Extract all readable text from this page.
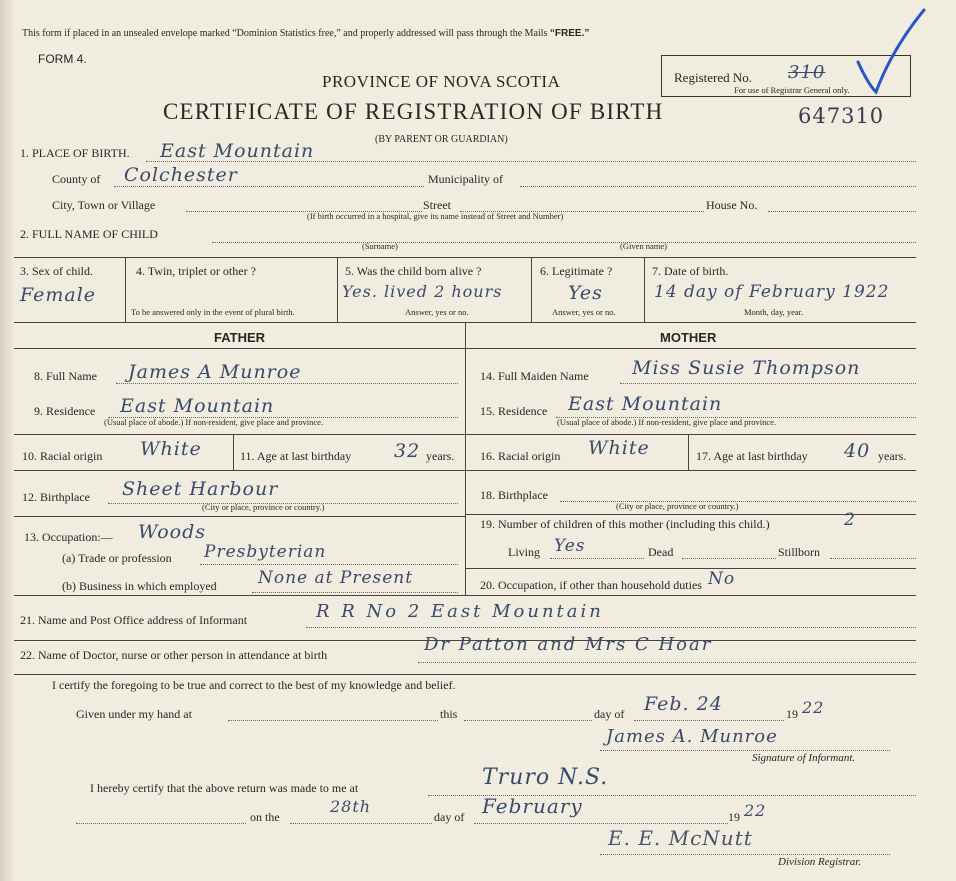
This form if placed in an unsealed envelope marked “Dominion Statistics free,” and properly addressed will pass through the Mails “FREE.”
FORM 4.
PROVINCE OF NOVA SCOTIA
CERTIFICATE OF REGISTRATION OF BIRTH
(BY PARENT OR GUARDIAN)
Registered No. 310
For use of Registrar General only.
647310
1. PLACE OF BIRTH. East Mountain
County of Colchester	Municipality of
City, Town or Village	Street	House No.
(If birth occurred in a hospital, give its name instead of Street and Number)
2. FULL NAME OF CHILD
(Surname)	(Given name)
3. Sex of child.
Female
4. Twin, triplet or other ?
To be answered only in the event of plural birth.
5. Was the child born alive ?
Yes. lived 2 hours
Answer, yes or no.
6. Legitimate ?
Yes
Answer, yes or no.
7. Date of birth.
14 day of February 1922
Month, day, year.
FATHER	MOTHER
8. Full Name James A Munroe
9. Residence East Mountain
(Usual place of abode.) If non-resident, give place and province.
10. Racial origin White	11. Age at last birthday 32 years.
12. Birthplace Sheet Harbour
(City or place, province or country.)
13. Occupation:— Woods
(a) Trade or profession Presbyterian
(b) Business in which employed None at Present
14. Full Maiden Name Miss Susie Thompson
15. Residence East Mountain
(Usual place of abode.) If non-resident, give place and province.
16. Racial origin White	17. Age at last birthday 40 years.
18. Birthplace
(City or place, province or country.)
19. Number of children of this mother (including this child.)	2
Living Yes	Dead	Stillborn
20. Occupation, if other than household duties No
21. Name and Post Office address of Informant	R R No 2 East Mountain
22. Name of Doctor, nurse or other person in attendance at birth	Dr Patton and Mrs C Hoar
I certify the foregoing to be true and correct to the best of my knowledge and belief.
Given under my hand at	this	day of Feb. 24	19 22
James A. Munroe
Signature of Informant.
I hereby certify that the above return was made to me at	Truro N.S.
on the
28th
day of February	19 22
E. E. McNutt
Division Registrar.
